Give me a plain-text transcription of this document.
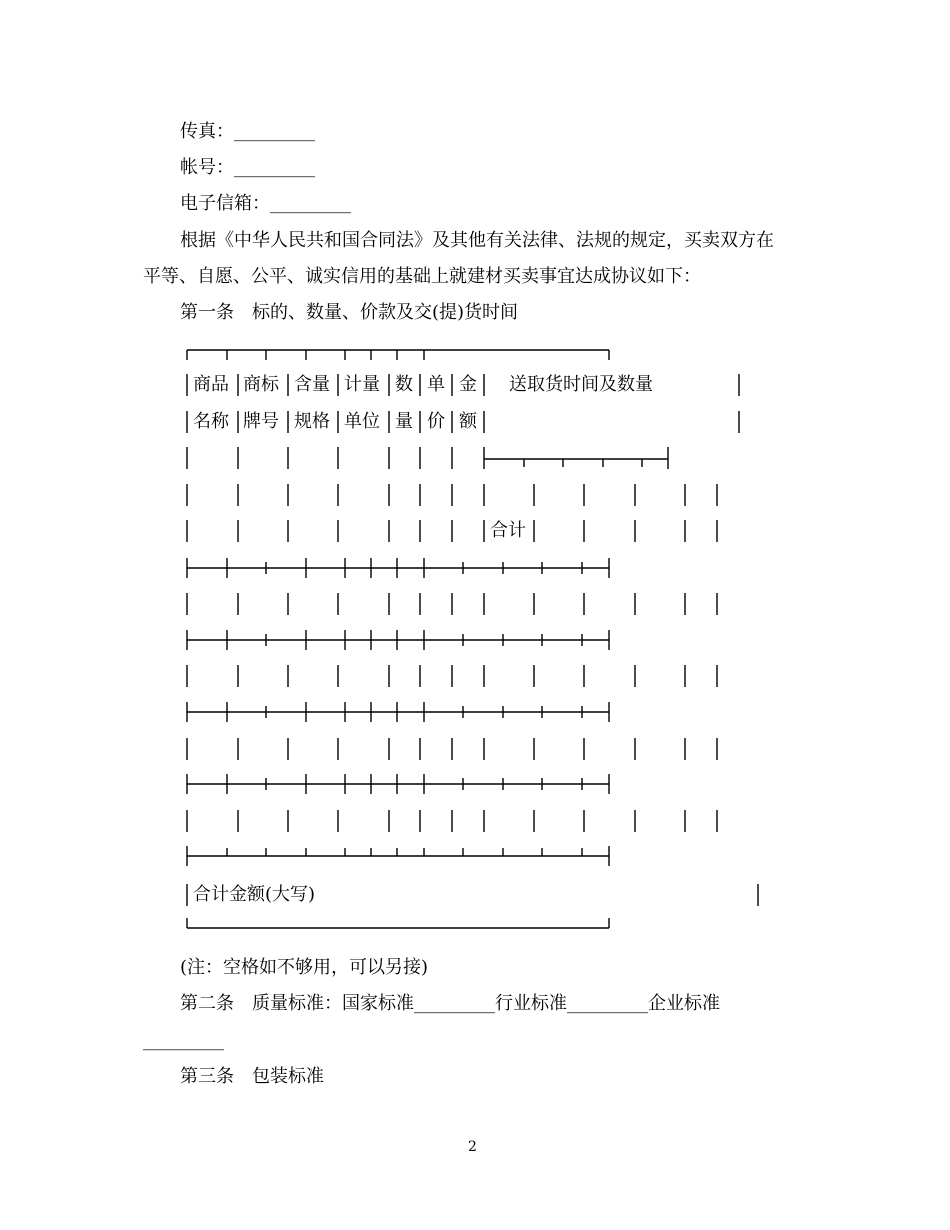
传真：_________
帐号：_________
电子信箱：_________
根据《中华人民共和国合同法》及其他有关法律、法规的规定，买卖双方在
平等、自愿、公平、诚实信用的基础上就建材买卖事宜达成协议如下：
第一条　标的、数量、价款及交(提)货时间
商品 商标 含量 计量 数 单 金 送取货时间及数量
名称 牌号 规格 单位 量 价 额
合计
合计金额(大写)
(注：空格如不够用，可以另接)
第二条　质量标准：国家标准_________行业标准_________企业标准
_________
第三条　包装标准
2
